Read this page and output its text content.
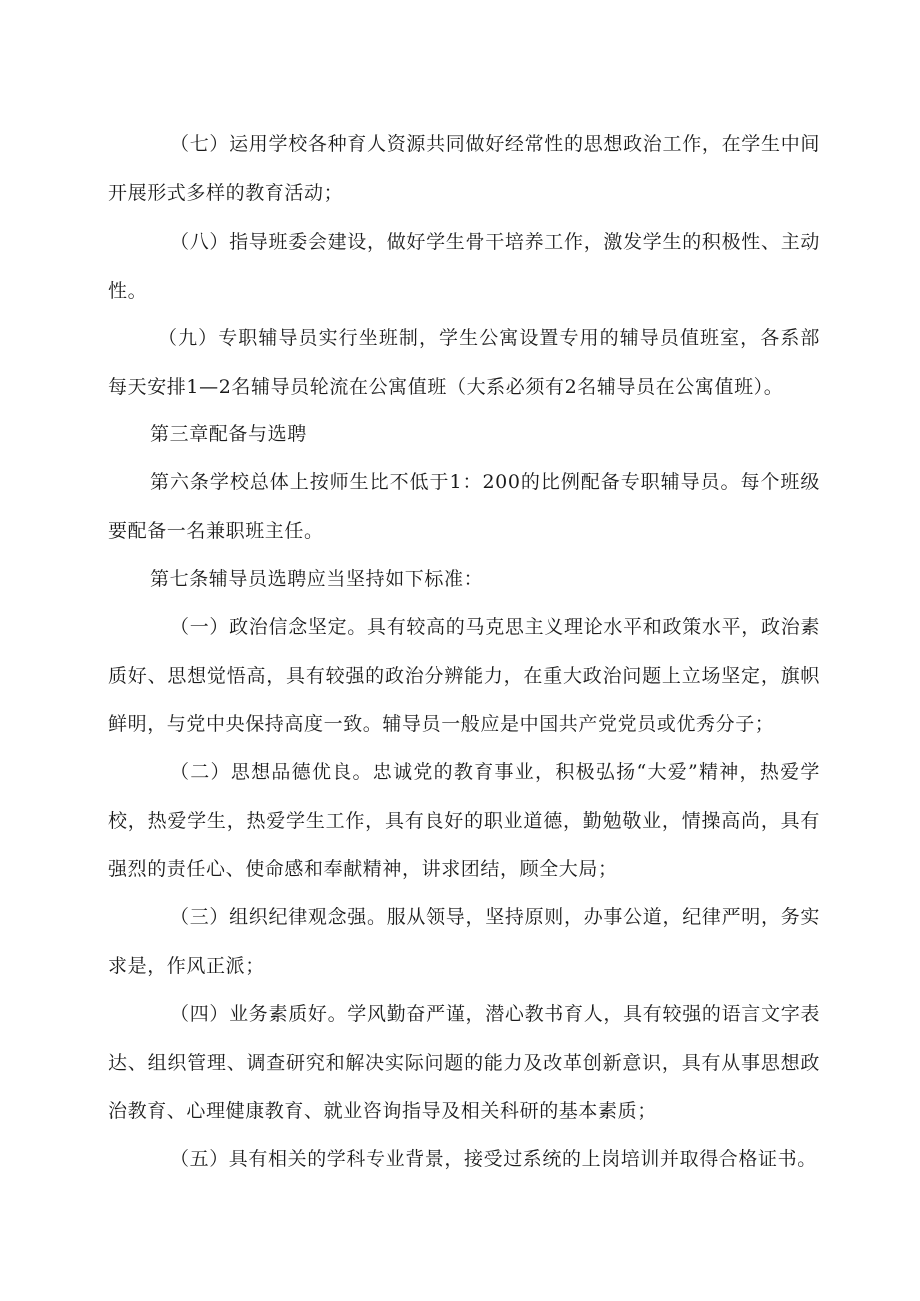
（七）运用学校各种育人资源共同做好经常性的思想政治工作，在学生中间开展形式多样的教育活动；

（八）指导班委会建设，做好学生骨干培养工作，激发学生的积极性、主动性。

（九）专职辅导员实行坐班制，学生公寓设置专用的辅导员值班室，各系部每天安排1—2名辅导员轮流在公寓值班（大系必须有2名辅导员在公寓值班）。

第三章配备与选聘

第六条学校总体上按师生比不低于1：200的比例配备专职辅导员。每个班级要配备一名兼职班主任。

第七条辅导员选聘应当坚持如下标准：

（一）政治信念坚定。具有较高的马克思主义理论水平和政策水平，政治素质好、思想觉悟高，具有较强的政治分辨能力，在重大政治问题上立场坚定，旗帜鲜明，与党中央保持高度一致。辅导员一般应是中国共产党党员或优秀分子；

（二）思想品德优良。忠诚党的教育事业，积极弘扬“大爱”精神，热爱学校，热爱学生，热爱学生工作，具有良好的职业道德，勤勉敬业，情操高尚，具有强烈的责任心、使命感和奉献精神，讲求团结，顾全大局；

（三）组织纪律观念强。服从领导，坚持原则，办事公道，纪律严明，务实求是，作风正派；

（四）业务素质好。学风勤奋严谨，潜心教书育人，具有较强的语言文字表达、组织管理、调查研究和解决实际问题的能力及改革创新意识，具有从事思想政治教育、心理健康教育、就业咨询指导及相关科研的基本素质；

（五）具有相关的学科专业背景，接受过系统的上岗培训并取得合格证书。
